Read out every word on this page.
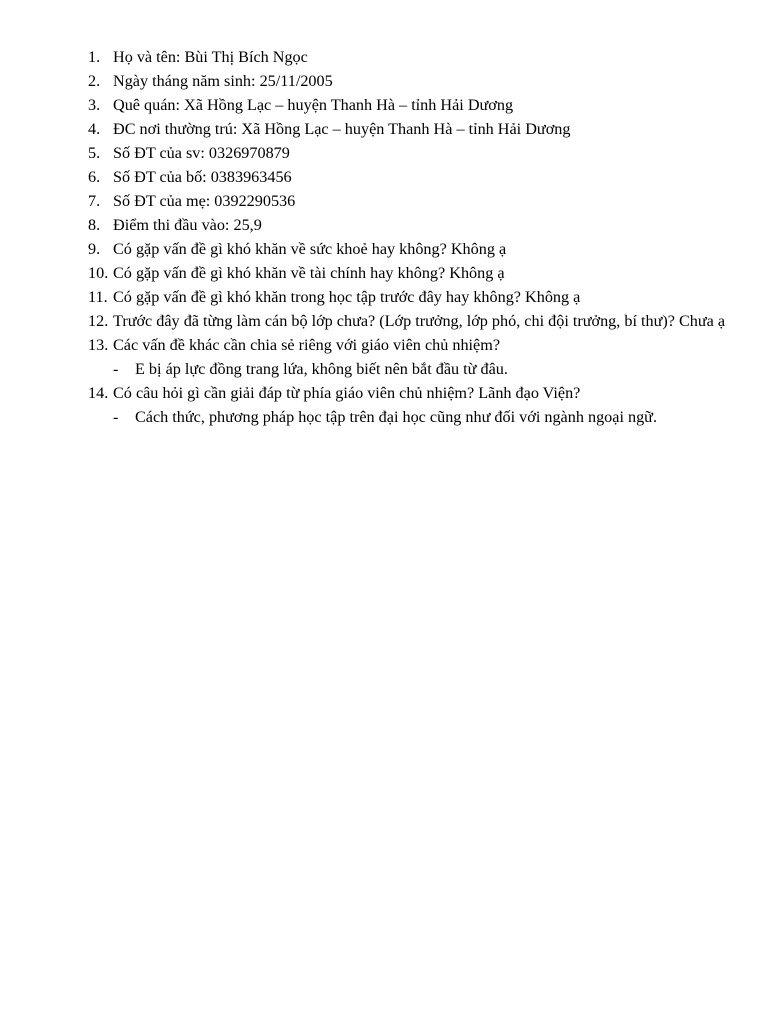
1. Họ và tên: Bùi Thị Bích Ngọc
2. Ngày tháng năm sinh: 25/11/2005
3. Quê quán: Xã Hồng Lạc – huyện Thanh Hà – tỉnh Hải Dương
4. ĐC nơi thường trú: Xã Hồng Lạc – huyện Thanh Hà – tỉnh Hải Dương
5. Số ĐT của sv: 0326970879
6. Số ĐT của bố: 0383963456
7. Số ĐT của mẹ: 0392290536
8. Điểm thi đầu vào: 25,9
9. Có gặp vấn đề gì khó khăn về sức khoẻ hay không? Không ạ
10. Có gặp vấn đề gì khó khăn về tài chính hay không? Không ạ
11. Có gặp vấn đề gì khó khăn trong học tập trước đây hay không? Không ạ
12. Trước đây đã từng làm cán bộ lớp chưa? (Lớp trưởng, lớp phó, chi đội trưởng, bí thư)? Chưa ạ
13. Các vấn đề khác cần chia sẻ riêng với giáo viên chủ nhiệm?
-	E bị áp lực đồng trang lứa, không biết nên bắt đầu từ đâu.
14. Có câu hỏi gì cần giải đáp từ phía giáo viên chủ nhiệm? Lãnh đạo Viện?
-	Cách thức, phương pháp học tập trên đại học cũng như đối với ngành ngoại ngữ.
